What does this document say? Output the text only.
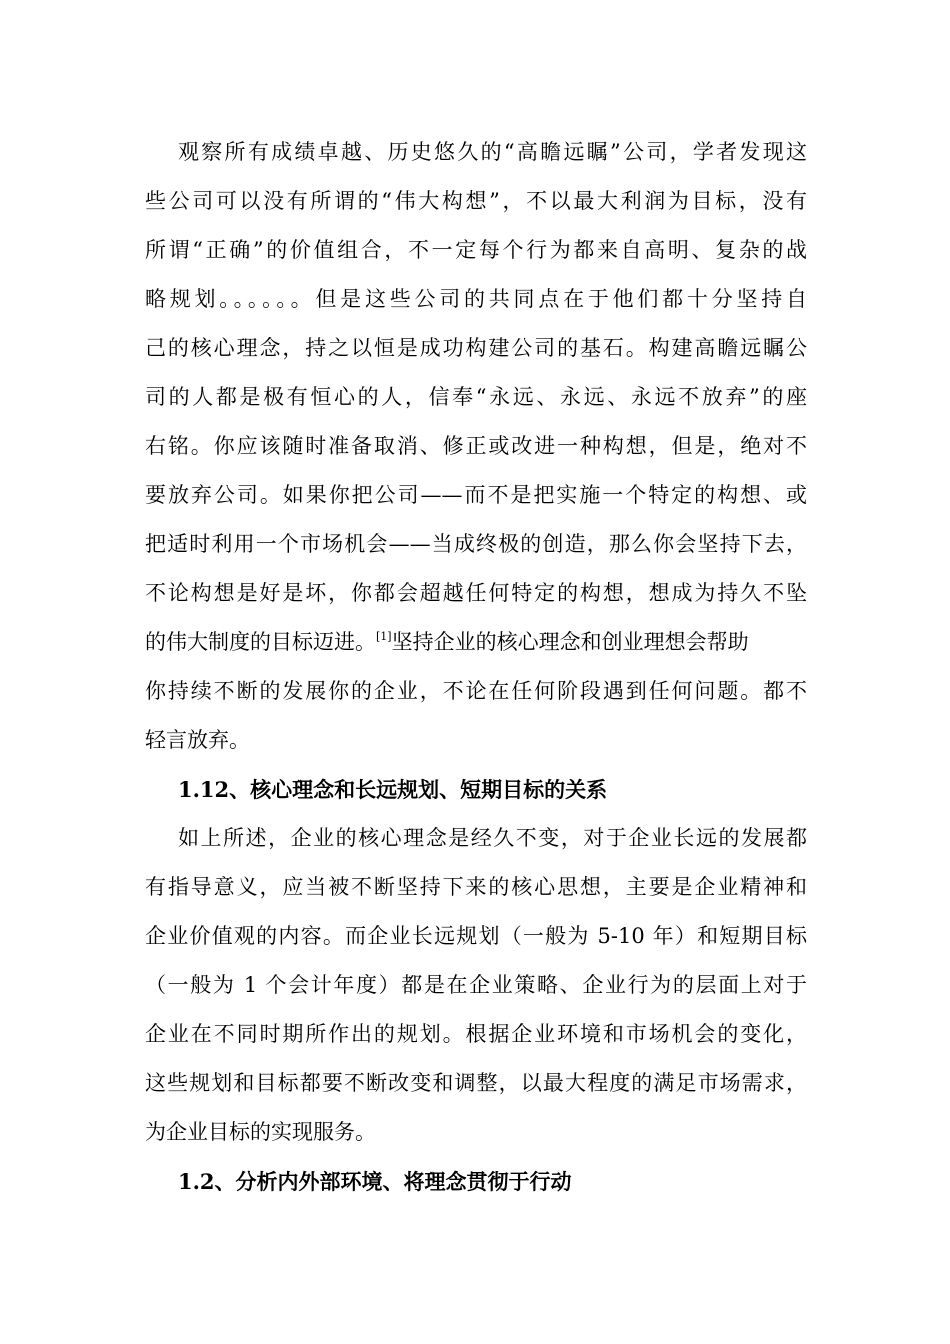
观察所有成绩卓越、历史悠久的“高瞻远瞩”公司，学者发现这
些公司可以没有所谓的“伟大构想”，不以最大利润为目标，没有
所谓“正确”的价值组合，不一定每个行为都来自高明、复杂的战
略规划。。。。。。但是这些公司的共同点在于他们都十分坚持自
己的核心理念，持之以恒是成功构建公司的基石。构建高瞻远瞩公
司的人都是极有恒心的人，信奉“永远、永远、永远不放弃”的座
右铭。你应该随时准备取消、修正或改进一种构想，但是，绝对不
要放弃公司。如果你把公司——而不是把实施一个特定的构想、或
把适时利用一个市场机会——当成终极的创造，那么你会坚持下去，
不论构想是好是坏，你都会超越任何特定的构想，想成为持久不坠
的伟大制度的目标迈进。[1]坚持企业的核心理念和创业理想会帮助
你持续不断的发展你的企业，不论在任何阶段遇到任何问题。都不
轻言放弃。
1.12、核心理念和长远规划、短期目标的关系
如上所述，企业的核心理念是经久不变，对于企业长远的发展都
有指导意义，应当被不断坚持下来的核心思想，主要是企业精神和
企业价值观的内容。而企业长远规划（一般为 5-10 年）和短期目标
（一般为 1 个会计年度）都是在企业策略、企业行为的层面上对于
企业在不同时期所作出的规划。根据企业环境和市场机会的变化，
这些规划和目标都要不断改变和调整，以最大程度的满足市场需求，
为企业目标的实现服务。
1.2、分析内外部环境、将理念贯彻于行动
